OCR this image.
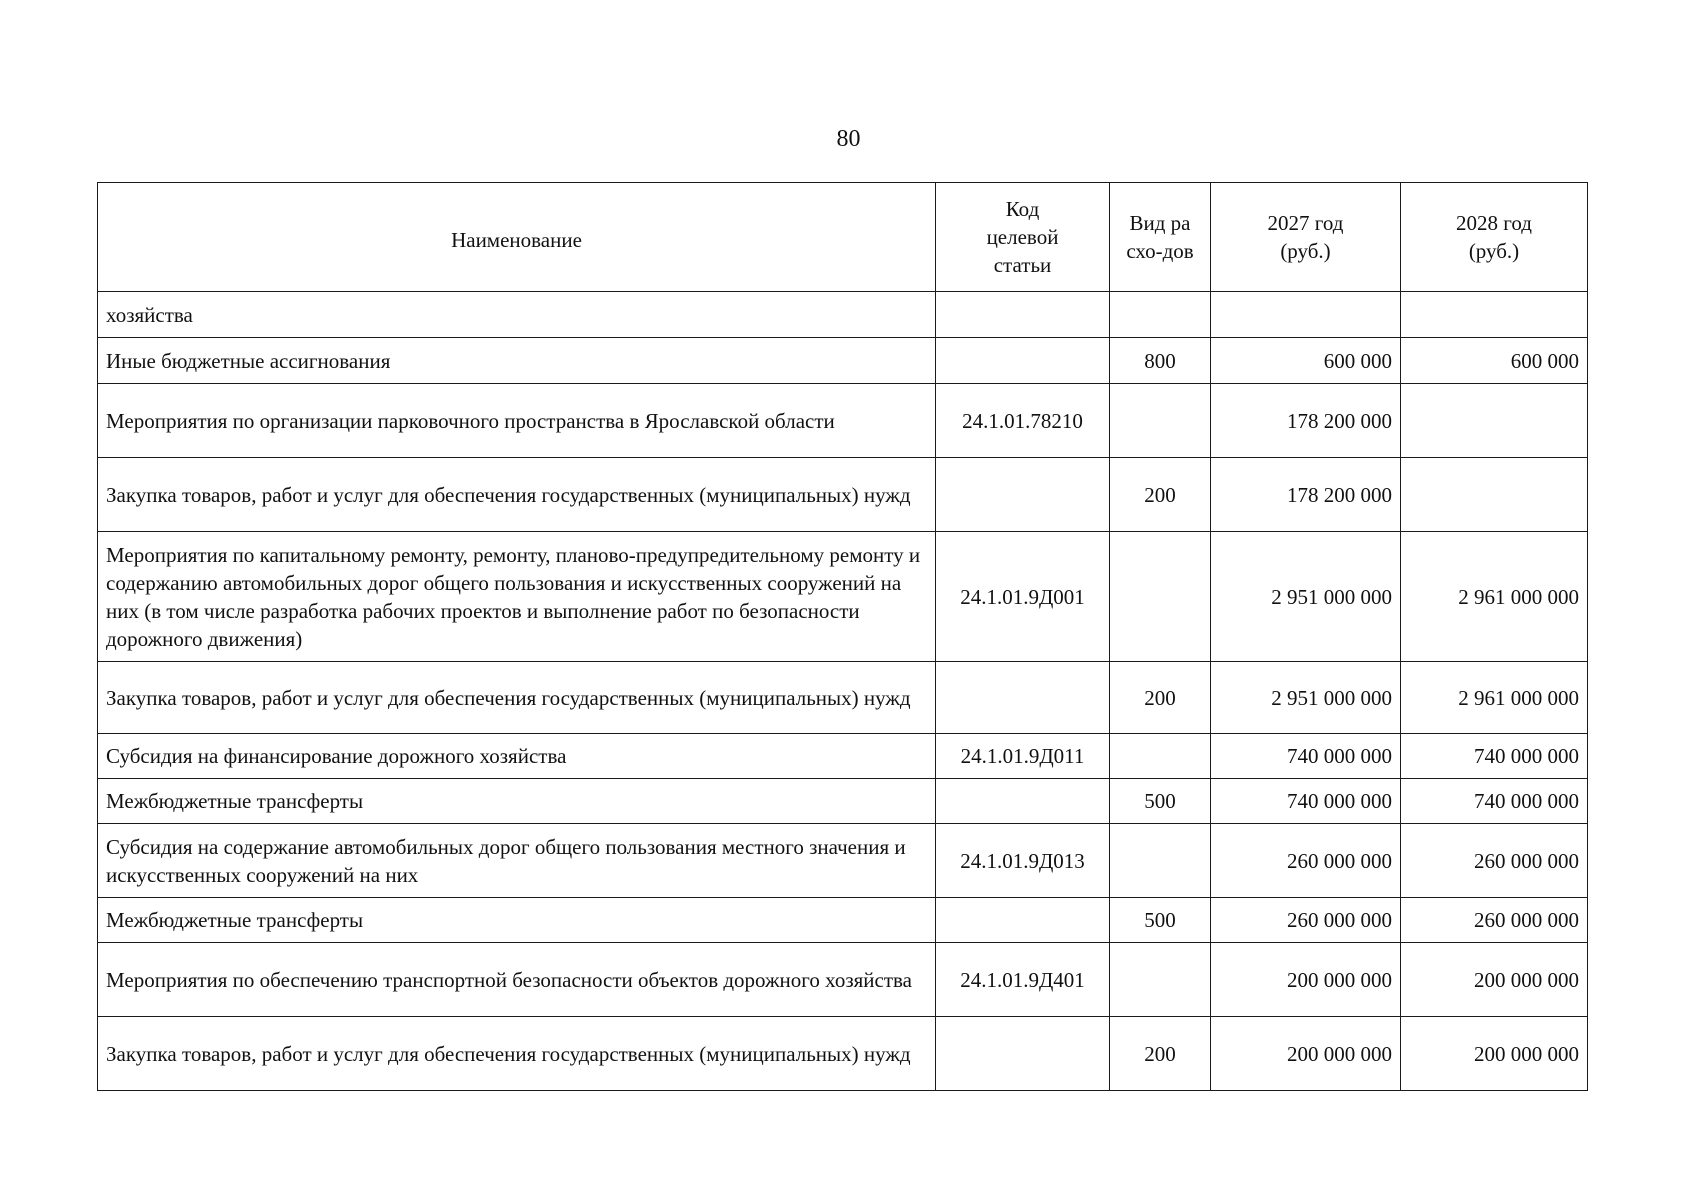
80
Наименование	Код целевой статьи	Вид расхо-дов	2027 год (руб.)	2028 год (руб.)

хозяйства				
Иные бюджетные ассигнования		800	600 000	600 000
Мероприятия по организации парковочного пространства в Ярославской области	24.1.01.78210		178 200 000	
Закупка товаров, работ и услуг для обеспечения государственных (муниципальных) нужд		200	178 200 000	
Мероприятия по капитальному ремонту, ремонту, планово-предупредительному ремонту и содержанию автомобильных дорог общего пользования и искусственных сооружений на них (в том числе разработка рабочих проектов и выполнение работ по безопасности дорожного движения)	24.1.01.9Д001		2 951 000 000	2 961 000 000
Закупка товаров, работ и услуг для обеспечения государственных (муниципальных) нужд		200	2 951 000 000	2 961 000 000
Субсидия на финансирование дорожного хозяйства	24.1.01.9Д011		740 000 000	740 000 000
Межбюджетные трансферты		500	740 000 000	740 000 000
Субсидия на содержание автомобильных дорог общего пользования местного значения и искусственных сооружений на них	24.1.01.9Д013		260 000 000	260 000 000
Межбюджетные трансферты		500	260 000 000	260 000 000
Мероприятия по обеспечению транспортной безопасности объектов дорожного хозяйства	24.1.01.9Д401		200 000 000	200 000 000
Закупка товаров, работ и услуг для обеспечения государственных (муниципальных) нужд		200	200 000 000	200 000 000
